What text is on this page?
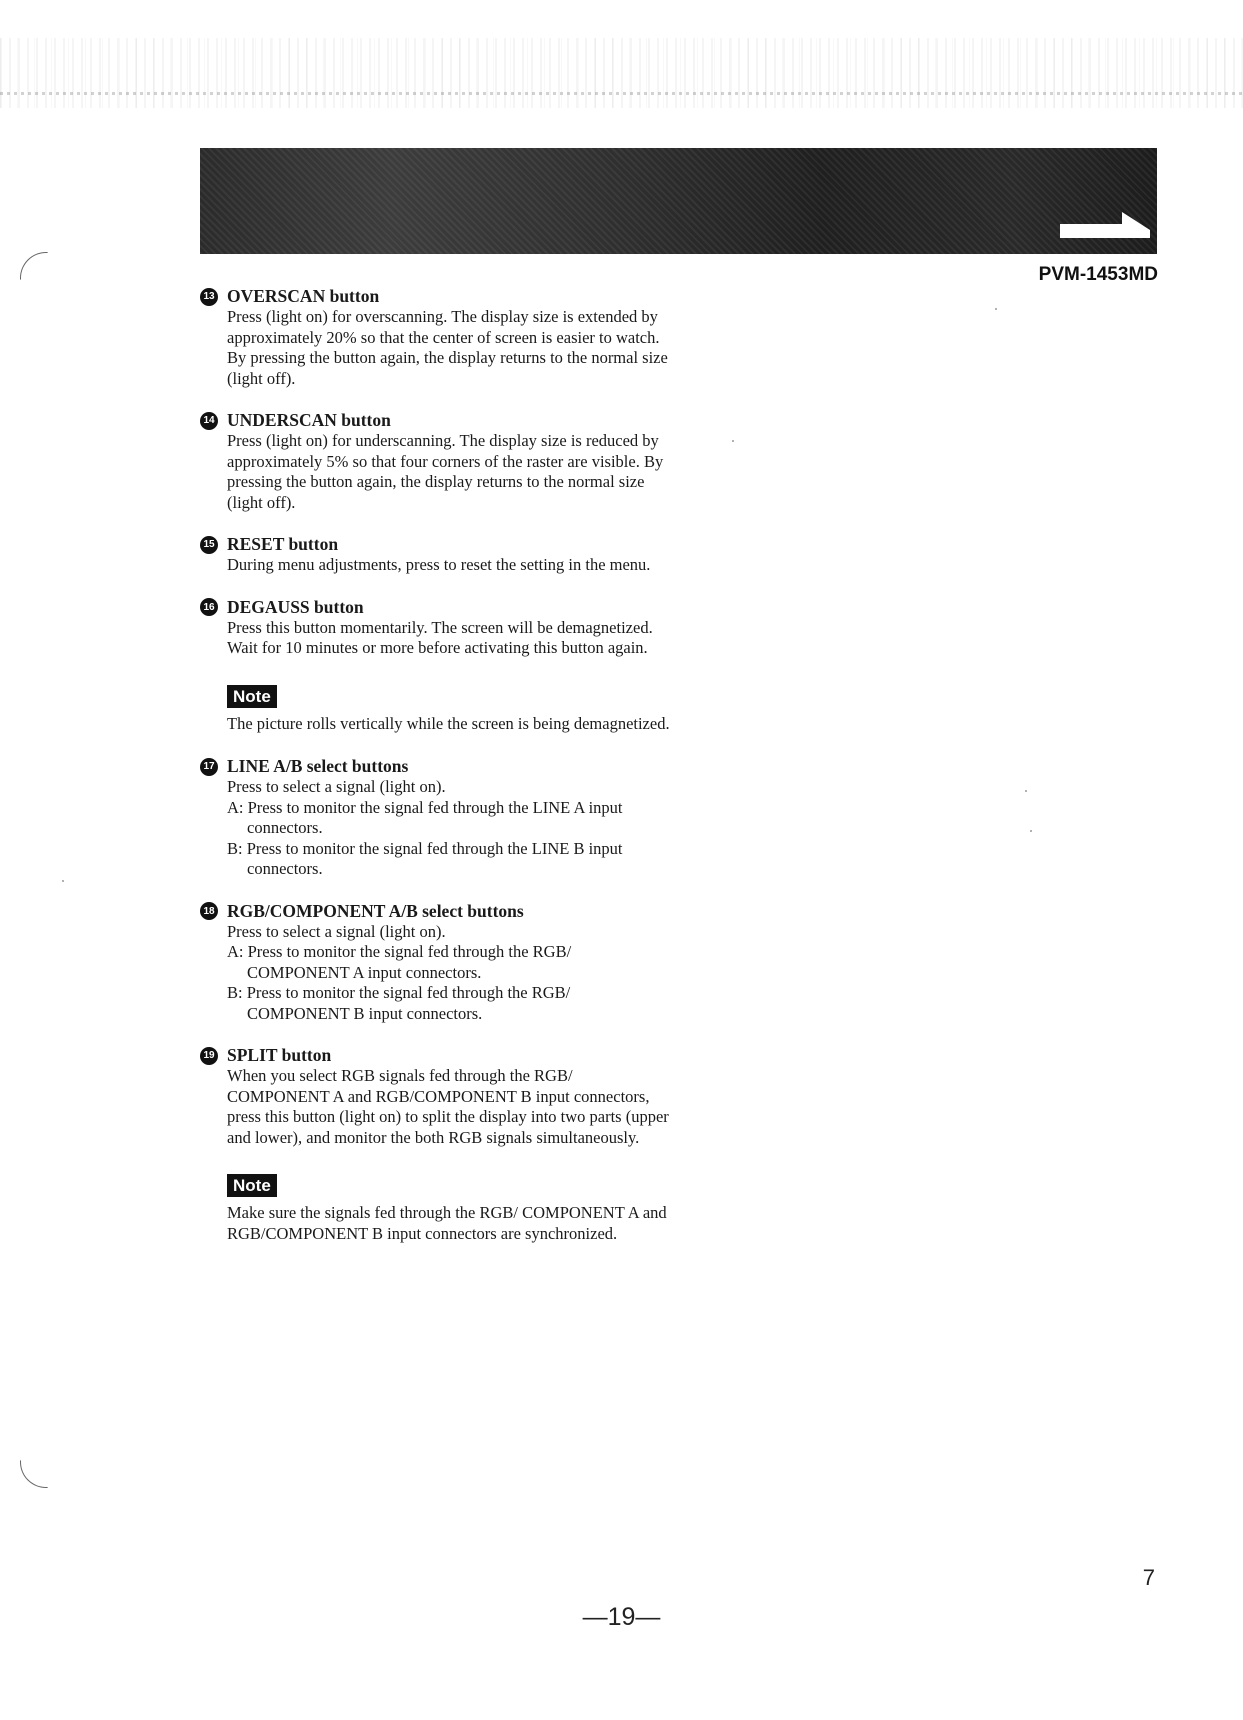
PVM-1453MD
13 OVERSCAN button

Press (light on) for overscanning. The display size is extended by approximately 20% so that the center of screen is easier to watch. By pressing the button again, the display returns to the normal size (light off).

14 UNDERSCAN button

Press (light on) for underscanning. The display size is reduced by approximately 5% so that four corners of the raster are visible. By pressing the button again, the display returns to the normal size (light off).

15 RESET button

During menu adjustments, press to reset the setting in the menu.

16 DEGAUSS button

Press this button momentarily. The screen will be demagnetized.

Wait for 10 minutes or more before activating this button again.

Note

The picture rolls vertically while the screen is being demagnetized.

17 LINE A/B select buttons

Press to select a signal (light on).

A: Press to monitor the signal fed through the LINE A input connectors.

B: Press to monitor the signal fed through the LINE B input connectors.

18 RGB/COMPONENT A/B select buttons

Press to select a signal (light on).

A: Press to monitor the signal fed through the RGB/ COMPONENT A input connectors.

B: Press to monitor the signal fed through the RGB/ COMPONENT B input connectors.

19 SPLIT button

When you select RGB signals fed through the RGB/ COMPONENT A and RGB/COMPONENT B input connectors, press this button (light on) to split the display into two parts (upper and lower), and monitor the both RGB signals simultaneously.

Note

Make sure the signals fed through the RGB/ COMPONENT A and RGB/COMPONENT B input connectors are synchronized.

7
—19—
